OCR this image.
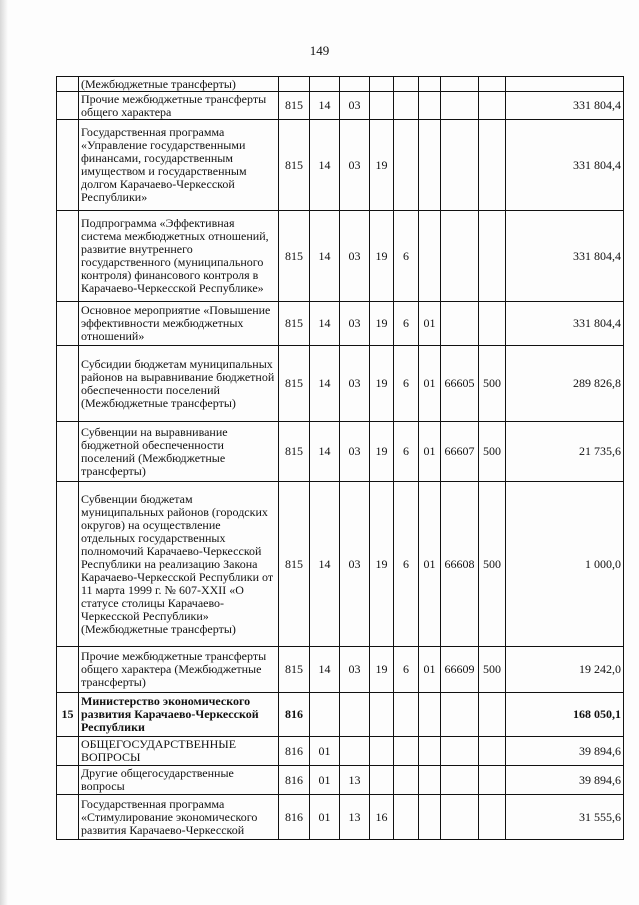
149
	(Межбюджетные трансферты)									
	Прочие межбюджетные трансферты общего характера	815	14	03						331 804,4
	Государственная программа «Управление государственными финансами, государственным имуществом и государственным долгом Карачаево-Черкесской Республики»	815	14	03	19					331 804,4
	Подпрограмма «Эффективная система межбюджетных отношений, развитие внутреннего государственного (муниципального контроля) финансового контроля в Карачаево-Черкесской Республике»	815	14	03	19	6				331 804,4
	Основное мероприятие «Повышение эффективности межбюджетных отношений»	815	14	03	19	6	01			331 804,4
	Субсидии бюджетам муниципальных районов на выравнивание бюджетной обеспеченности поселений (Межбюджетные трансферты)	815	14	03	19	6	01	66605	500	289 826,8
	Субвенции на выравнивание бюджетной обеспеченности поселений (Межбюджетные трансферты)	815	14	03	19	6	01	66607	500	21 735,6
	Субвенции бюджетам муниципальных районов (городских округов) на осуществление отдельных государственных полномочий Карачаево-Черкесской Республики на реализацию Закона Карачаево-Черкесской Республики от 11 марта 1999 г. № 607-XXII «О статусе столицы Карачаево-Черкесской Республики» (Межбюджетные трансферты)	815	14	03	19	6	01	66608	500	1 000,0
	Прочие межбюджетные трансферты общего характера (Межбюджетные трансферты)	815	14	03	19	6	01	66609	500	19 242,0
15	Министерство экономического развития Карачаево-Черкесской Республики	816								168 050,1
	ОБЩЕГОСУДАРСТВЕННЫЕ ВОПРОСЫ	816	01							39 894,6
	Другие общегосударственные вопросы	816	01	13						39 894,6
	Государственная программа «Стимулирование экономического развития Карачаево-Черкесской	816	01	13	16					31 555,6
